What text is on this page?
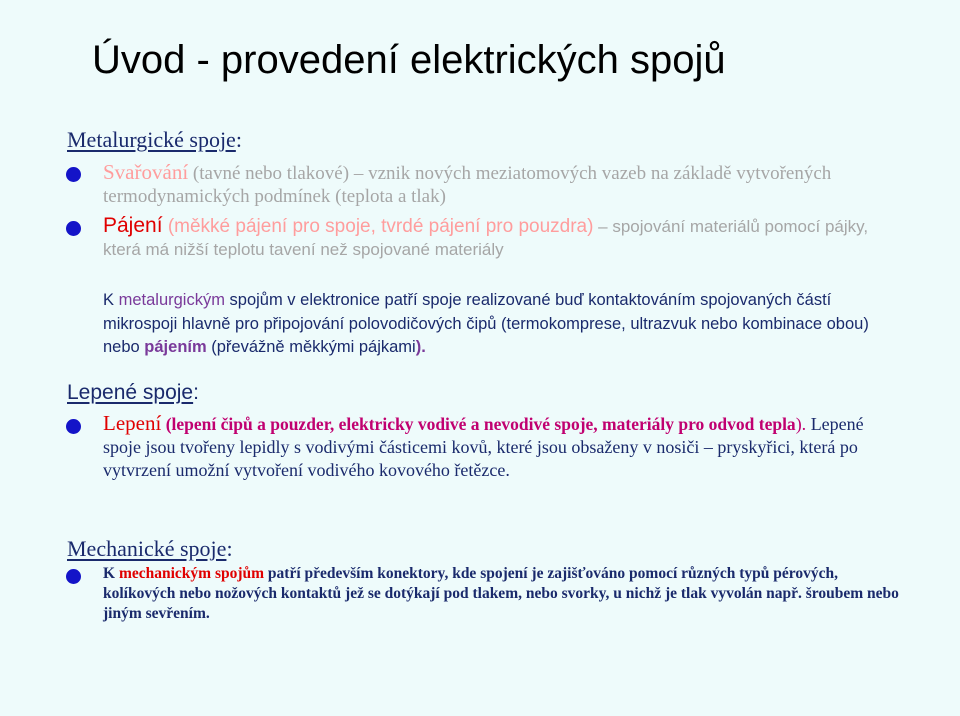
Úvod - provedení elektrických spojů
Metalurgické spoje:
Svařování (tavné nebo tlakové) – vznik nových meziatomových vazeb na základě vytvořených termodynamických podmínek (teplota a tlak)
Pájení (měkké pájení pro spoje, tvrdé pájení pro pouzdra) – spojování materiálů pomocí pájky, která má nižší teplotu tavení než spojované materiály
K metalurgickým spojům v elektronice patří spoje realizované buď kontaktováním spojovaných částí mikrospoji hlavně pro připojování polovodičových čipů (termokomprese, ultrazvuk nebo kombinace obou) nebo pájením (převážně měkkými pájkami).
Lepené spoje:
Lepení (lepení čipů a pouzder, elektricky vodivé a nevodivé spoje, materiály pro odvod tepla). Lepené spoje jsou tvořeny lepidly s vodivými částicemi kovů, které jsou obsaženy v nosiči – pryskyřici, která po vytvrzení umožní vytvoření vodivého kovového řetězce.
Mechanické spoje:
K mechanickým spojům patří především konektory, kde spojení je zajišťováno pomocí různých typů pérových, kolíkových nebo nožových kontaktů jež se dotýkají pod tlakem, nebo svorky, u nichž je tlak vyvolán např. šroubem nebo jiným sevřením.
